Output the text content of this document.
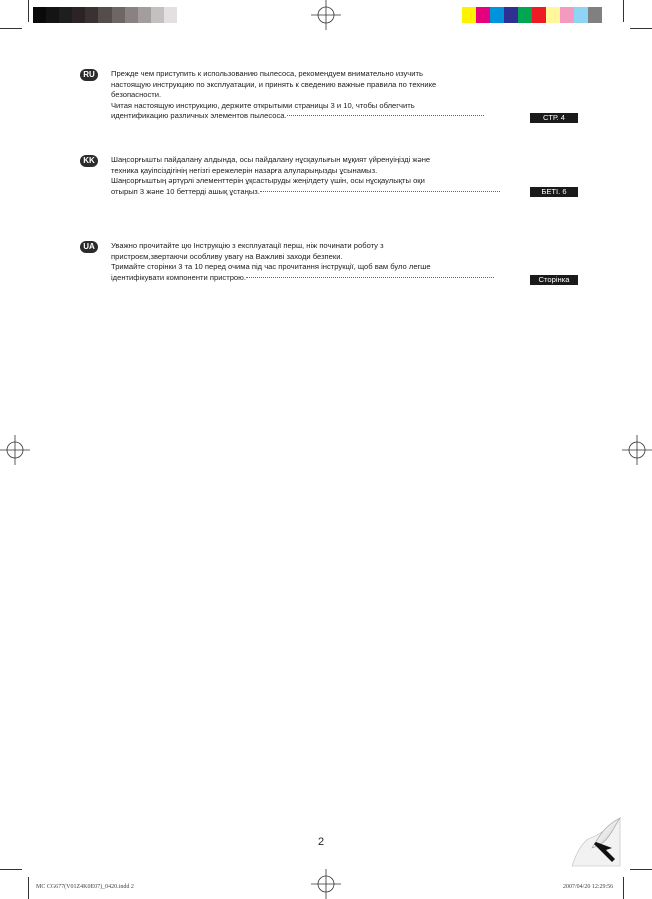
RU	Прежде чем приступить к использованию пылесоса, рекомендуем внимательно изучить
настоящую инструкцию по эксплуатации, и принять к сведению важные правила по технике
безопасности.
Читая настоящую инструкцию, держите открытыми страницы 3 и 10, чтобы облегчить
идентификацию различных элементов пылесоса.	СТР. 4
KK	Шаңсорғышты пайдалану алдында, осы пайдалану нұсқаулығын мұқият үйренуіңізді және
техника қауіпсіздігінің негізгі ережелерін назарға алуларыңызды ұсынамыз.
Шаңсорғыштың әртүрлі элементтерін ұқсастыруды жеңілдету үшін, осы нұсқаулықты оқи
отырып 3 және 10 беттерді ашық ұстаңыз.	БЕТІ. 6
UA	Уважно прочитайте цю Інструкцію з експлуатації перш, ніж починати роботу з
пристроєм,звертаючи особливу увагу на Важливі заходи безпеки.
Тримайте сторінки 3 та 10 перед очима під час прочитання інструкції, щоб вам було легше
ідентифікувати компоненти пристрою.	Сторінка 8
2
MC CG677(V01Z4K0E07)_0420.indd 2	2007/04/20 12:29:56
